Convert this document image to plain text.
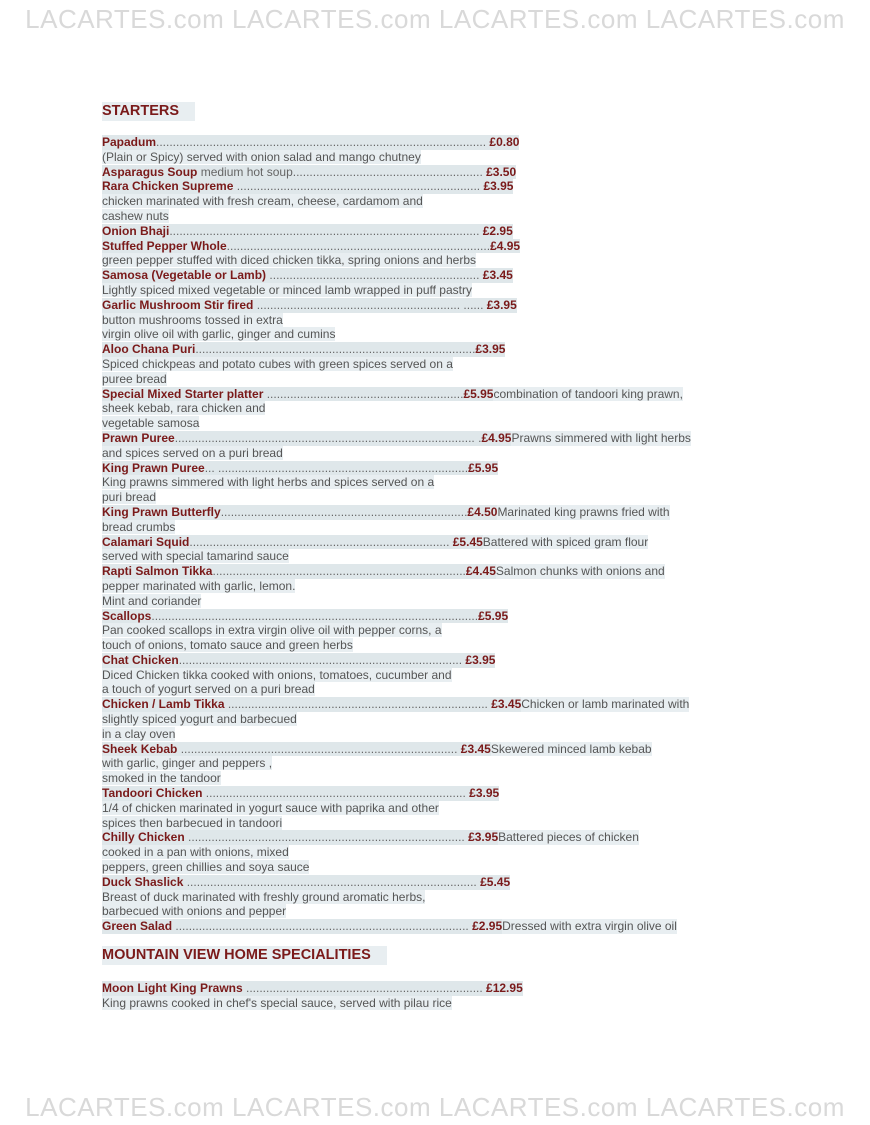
LACARTES.com LACARTES.com LACARTES.com LACARTES.com
STARTERS
Papadum................................................................................................... £0.80
(Plain or Spicy) served with onion salad and mango chutney
Asparagus Soup medium hot soup......................................................... £3.50
Rara Chicken Supreme ......................................................................... £3.95
chicken marinated with fresh cream, cheese, cardamom and
cashew nuts
Onion Bhaji............................................................................................. £2.95
Stuffed Pepper Whole...............................................................................£4.95
green pepper stuffed with diced chicken tikka, spring onions and herbs
Samosa (Vegetable or Lamb) ............................................................... £3.45
Lightly spiced mixed vegetable or minced lamb wrapped in puff pastry
Garlic Mushroom Stir fired ............................................................. ...... £3.95
button mushrooms tossed in extra
virgin olive oil with garlic, ginger and cumins
Aloo Chana Puri....................................................................................£3.95
Spiced chickpeas and potato cubes with green spices served on a
puree bread
Special Mixed Starter platter ...........................................................£5.95 combination of tandoori king prawn,
sheek kebab, rara chicken and
vegetable samosa
Prawn Puree.......................................................................................... .£4.95 Prawns simmered with light herbs
and spices served on a puri bread
King Prawn Puree... ...........................................................................£5.95
King prawns simmered with light herbs and spices served on a
puri bread
King Prawn Butterfly..........................................................................£4.50 Marinated king prawns fried with
bread crumbs
Calamari Squid.............................................................................. £5.45 Battered with spiced gram flour
served with special tamarind sauce
Rapti Salmon Tikka............................................................................£4.45 Salmon chunks with onions and
pepper marinated with garlic, lemon.
Mint and coriander
Scallops..................................................................................................£5.95
Pan cooked scallops in extra virgin olive oil with pepper corns, a
touch of onions, tomato sauce and green herbs
Chat Chicken..................................................................................... £3.95
Diced Chicken tikka cooked with onions, tomatoes, cucumber and
a touch of yogurt served on a puri bread
Chicken / Lamb Tikka .............................................................................. £3.45 Chicken or lamb marinated with
slightly spiced yogurt and barbecued
in a clay oven
Sheek Kebab ................................................................................... £3.45 Skewered minced lamb kebab
with garlic, ginger and peppers ,
smoked in the tandoor
Tandoori Chicken .............................................................................. £3.95
1/4 of chicken marinated in yogurt sauce with paprika and other
spices then barbecued in tandoori
Chilly Chicken ................................................................................... £3.95 Battered pieces of chicken
cooked in a pan with onions, mixed
peppers, green chillies and soya sauce
Duck Shaslick ....................................................................................... £5.45
Breast of duck marinated with freshly ground aromatic herbs,
barbecued with onions and pepper
Green Salad ........................................................................................ £2.95 Dressed with extra virgin olive oil
MOUNTAIN VIEW HOME SPECIALITIES
Moon Light King Prawns ....................................................................... £12.95
King prawns cooked in chef's special sauce, served with pilau rice
LACARTES.com LACARTES.com LACARTES.com LACARTES.com
